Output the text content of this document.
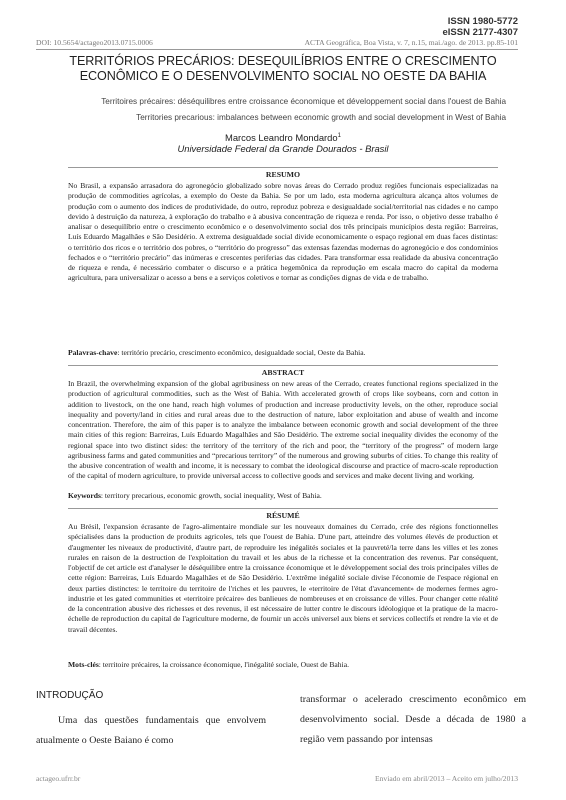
ISSN 1980-5772
eISSN 2177-4307
DOI: 10.5654/actageo2013.0715.0006	ACTA Geográfica, Boa Vista, v. 7, n.15, mai./ago. de 2013. pp.85-101
TERRITÓRIOS PRECÁRIOS: DESEQUILÍBRIOS ENTRE O CRESCIMENTO
ECONÔMICO E O DESENVOLVIMENTO SOCIAL NO OESTE DA BAHIA
Territoires précaires: déséquilibres entre croissance économique et développement social dans l'ouest de Bahia
Territories precarious: imbalances between economic growth and social development in West of Bahia
Marcos Leandro Mondardo$^1$
Universidade Federal da Grande Dourados - Brasil
RESUMO

No Brasil, a expansão arrasadora do agronegócio globalizado sobre novas áreas do Cerrado produz regiões funcionais especializadas na produção de commodities agrícolas, a exemplo do Oeste da Bahia. Se por um lado, esta moderna agricultura alcança altos volumes de produção com o aumento dos índices de produtividade, do outro, reproduz pobreza e desigualdade social/territorial nas cidades e no campo devido à destruição da natureza, à exploração do trabalho e à abusiva concentração de riqueza e renda. Por isso, o objetivo desse trabalho é analisar o desequilíbrio entre o crescimento econômico e o desenvolvimento social dos três principais municípios desta região: Barreiras, Luís Eduardo Magalhães e São Desidério. A extrema desigualdade social divide economicamente o espaço regional em duas faces distintas: o território dos ricos e o território dos pobres, o “território do progresso” das extensas fazendas modernas do agronegócio e dos condomínios fechados e o “território precário” das inúmeras e crescentes periferias das cidades. Para transformar essa realidade da abusiva concentração de riqueza e renda, é necessário combater o discurso e a prática hegemônica da reprodução em escala macro do capital da moderna agricultura, para universalizar o acesso a bens e a serviços coletivos e tornar as condições dignas de vida e de trabalho.

Palavras-chave: território precário, crescimento econômico, desigualdade social, Oeste da Bahia.
ABSTRACT

In Brazil, the overwhelming expansion of the global agribusiness on new areas of the Cerrado, creates functional regions specialized in the production of agricultural commodities, such as the West of Bahia. With accelerated growth of crops like soybeans, corn and cotton in addition to livestock, on the one hand, reach high volumes of production and increase productivity levels, on the other, reproduce social inequality and poverty/land in cities and rural areas due to the destruction of nature, labor exploitation and abuse of wealth and income concentration. Therefore, the aim of this paper is to analyze the imbalance between economic growth and social development of the three main cities of this region: Barreiras, Luís Eduardo Magalhães and São Desidério. The extreme social inequality divides the economy of the regional space into two distinct sides: the territory of the territory of the rich and poor, the “territory of the progress” of modern large agribusiness farms and gated communities and “precarious territory” of the numerous and growing suburbs of cities. To change this reality of the abusive concentration of wealth and income, it is necessary to combat the ideological discourse and practice of macro-scale reproduction of the capital of modern agriculture, to provide universal access to collective goods and services and make decent living and working.

Keywords: territory precarious, economic growth, social inequality, West of Bahia.
RÉSUMÉ

Au Brésil, l'expansion écrasante de l'agro-alimentaire mondiale sur les nouveaux domaines du Cerrado, crée des régions fonctionnelles spécialisées dans la production de produits agricoles, tels que l'ouest de Bahia. D'une part, atteindre des volumes élevés de production et d'augmenter les niveaux de productivité, d'autre part, de reproduire les inégalités sociales et la pauvreté/la terre dans les villes et les zones rurales en raison de la destruction de l'exploitation du travail et les abus de la richesse et la concentration des revenus. Par conséquent, l'objectif de cet article est d'analyser le déséquilibre entre la croissance économique et le développement social des trois principales villes de cette région: Barreiras, Luís Eduardo Magalhães et de São Desidério. L'extrême inégalité sociale divise l'économie de l'espace régional en deux parties distinctes: le territoire du territoire de l'riches et les pauvres, le «territoire de l'état d'avancement» de modernes fermes agro-industrie et les gated communities et «territoire précaire» des banlieues de nombreuses et en croissance de villes. Pour changer cette réalité de la concentration abusive des richesses et des revenus, il est nécessaire de lutter contre le discours idéologique et la pratique de la macro-échelle de reproduction du capital de l'agriculture moderne, de fournir un accès universel aux biens et services collectifs et rendre la vie et de travail décentes.

Mots-clés: territoire précaires, la croissance économique, l'inégalité sociale, Ouest de Bahia.
INTRODUÇÃO
Uma das questões fundamentais que envolvem atualmente o Oeste Baiano é como
transformar o acelerado crescimento econômico em desenvolvimento social. Desde a década de 1980 a região vem passando por intensas
actageo.ufrr.br	Enviado em abril/2013 – Aceito em julho/2013
